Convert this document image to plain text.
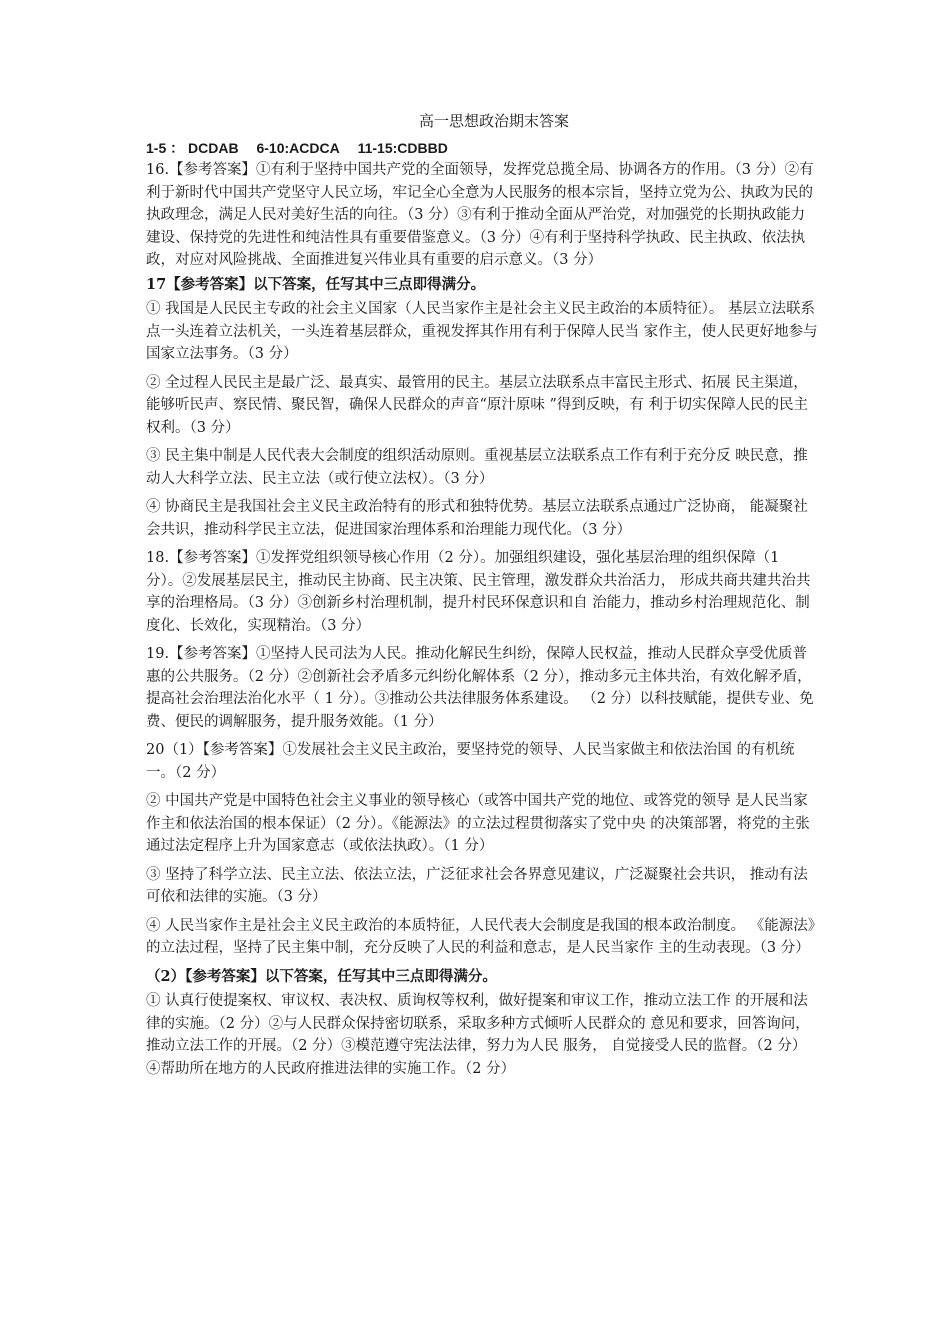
高一思想政治期末答案
1-5 ： DCDAB 6-10:ACDCA 11-15:CDBBD

16.【参考答案】①有利于坚持中国共产党的全面领导，发挥党总揽全局、协调各方的作用。（3 分）②有利于新时代中国共产党坚守人民立场，牢记全心全意为人民服务的根本宗旨，坚持立党为公、执政为民的执政理念，满足人民对美好生活的向往。（3 分）③有利于推动全面从严治党，对加强党的长期执政能力建设、保持党的先进性和纯洁性具有重要借鉴意义。（3 分）④有利于坚持科学执政、民主执政、依法执政，对应对风险挑战、全面推进复兴伟业具有重要的启示意义。（3 分）

17【参考答案】以下答案，任写其中三点即得满分。

① 我国是人民民主专政的社会主义国家（人民当家作主是社会主义民主政治的本质特征）。 基层立法联系点一头连着立法机关，一头连着基层群众，重视发挥其作用有利于保障人民当 家作主，使人民更好地参与国家立法事务。（3 分）

② 全过程人民民主是最广泛、最真实、最管用的民主。基层立法联系点丰富民主形式、拓展 民主渠道，能够听民声、察民情、聚民智，确保人民群众的声音“原汁原味 ”得到反映，有 利于切实保障人民的民主权利。（3 分）

③ 民主集中制是人民代表大会制度的组织活动原则。重视基层立法联系点工作有利于充分反 映民意，推动人大科学立法、民主立法（或行使立法权）。（3 分）

④ 协商民主是我国社会主义民主政治特有的形式和独特优势。基层立法联系点通过广泛协商， 能凝聚社会共识，推动科学民主立法，促进国家治理体系和治理能力现代化。（3 分）

18.【参考答案】①发挥党组织领导核心作用（2 分）。加强组织建设，强化基层治理的组织保障（1 分）。②发展基层民主，推动民主协商、民主决策、民主管理，激发群众共治活力， 形成共商共建共治共享的治理格局。（3 分）③创新乡村治理机制，提升村民环保意识和自 治能力，推动乡村治理规范化、制度化、长效化，实现精治。（3 分）

19.【参考答案】①坚持人民司法为人民。推动化解民生纠纷，保障人民权益，推动人民群众享受优质普惠的公共服务。（2 分）②创新社会矛盾多元纠纷化解体系（2 分），推动多元主体共治，有效化解矛盾，提高社会治理法治化水平（ 1 分）。③推动公共法律服务体系建设。 （2 分）以科技赋能，提供专业、免费、便民的调解服务，提升服务效能。（1 分）

20（1）【参考答案】①发展社会主义民主政治，要坚持党的领导、人民当家做主和依法治国 的有机统一。（2 分）

② 中国共产党是中国特色社会主义事业的领导核心（或答中国共产党的地位、或答党的领导 是人民当家作主和依法治国的根本保证）（2 分）。《能源法》的立法过程贯彻落实了党中央 的决策部署，将党的主张通过法定程序上升为国家意志（或依法执政）。（1 分）

③ 坚持了科学立法、民主立法、依法立法，广泛征求社会各界意见建议，广泛凝聚社会共识， 推动有法可依和法律的实施。（3 分）

④ 人民当家作主是社会主义民主政治的本质特征，人民代表大会制度是我国的根本政治制度。 《能源法》的立法过程，坚持了民主集中制，充分反映了人民的利益和意志，是人民当家作 主的生动表现。（3 分）

（2）【参考答案】以下答案，任写其中三点即得满分。

① 认真行使提案权、审议权、表决权、质询权等权利，做好提案和审议工作，推动立法工作 的开展和法律的实施。（2 分）②与人民群众保持密切联系，采取多种方式倾听人民群众的 意见和要求，回答询问，推动立法工作的开展。（2 分）③模范遵守宪法法律，努力为人民 服务， 自觉接受人民的监督。（2 分）④帮助所在地方的人民政府推进法律的实施工作。（2 分）
